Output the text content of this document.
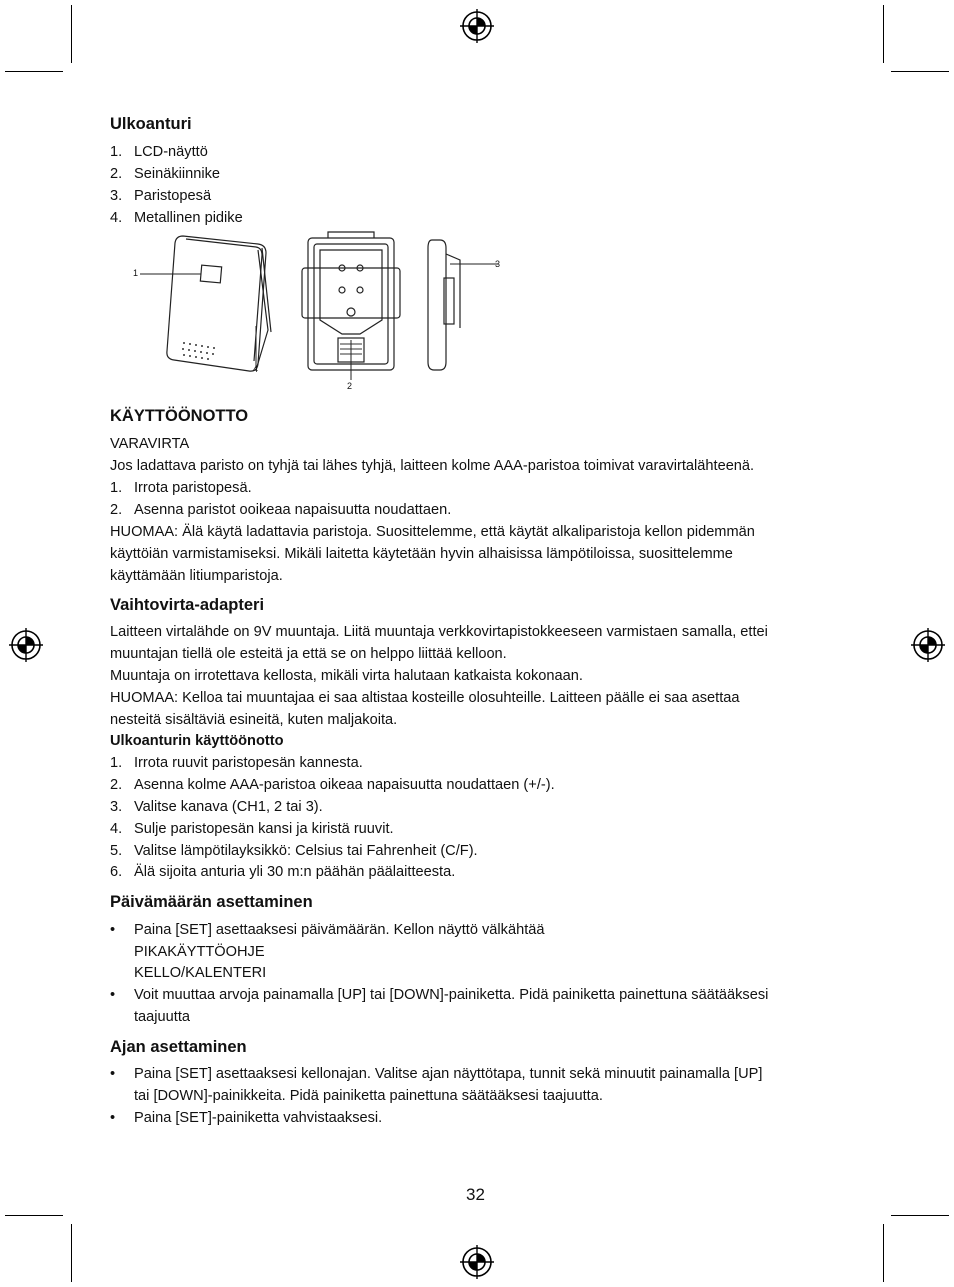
Ulkoanturi
1. LCD-näyttö
2. Seinäkiinnike
3. Paristopesä
4. Metallinen pidike
1
2
3
4
KÄYTTÖÖNOTTO
VARAVIRTA
Jos ladattava paristo on tyhjä tai lähes tyhjä, laitteen kolme AAA-paristoa toimivat varavirtalähteenä.
1. Irrota paristopesä.
2. Asenna paristot ooikeaa napaisuutta noudattaen.
HUOMAA: Älä käytä ladattavia paristoja. Suosittelemme, että käytät alkaliparistoja kellon pidemmän
käyttöiän varmistamiseksi. Mikäli laitetta käytetään hyvin alhaisissa lämpötiloissa, suosittelemme
käyttämään litiumparistoja.
Vaihtovirta-adapteri
Laitteen virtalähde on 9V muuntaja. Liitä muuntaja verkkovirtapistokkeeseen varmistaen samalla, ettei
muuntajan tiellä ole esteitä ja että se on helppo liittää kelloon.
Muuntaja on irrotettava kellosta, mikäli virta halutaan katkaista kokonaan.
HUOMAA: Kelloa tai muuntajaa ei saa altistaa kosteille olosuhteille. Laitteen päälle ei saa asettaa
nesteitä sisältäviä esineitä, kuten maljakoita.
Ulkoanturin käyttöönotto
1. Irrota ruuvit paristopesän kannesta.
2. Asenna kolme AAA-paristoa oikeaa napaisuutta noudattaen (+/-).
3. Valitse kanava (CH1, 2 tai 3).
4. Sulje paristopesän kansi ja kiristä ruuvit.
5. Valitse lämpötilayksikkö: Celsius tai Fahrenheit (C/F).
6. Älä sijoita anturia yli 30 m:n päähän päälaitteesta.
Päivämäärän asettaminen
• Paina [SET] asettaaksesi päivämäärän. Kellon näyttö välkähtää
PIKAKÄYTTÖOHJE
KELLO/KALENTERI
• Voit muuttaa arvoja painamalla [UP] tai [DOWN]-painiketta. Pidä painiketta painettuna säätääksesi
taajuutta
Ajan asettaminen
• Paina [SET] asettaaksesi kellonajan. Valitse ajan näyttötapa, tunnit sekä minuutit painamalla [UP]
tai [DOWN]-painikkeita. Pidä painiketta painettuna säätääksesi taajuutta.
• Paina [SET]-painiketta vahvistaaksesi.
32
